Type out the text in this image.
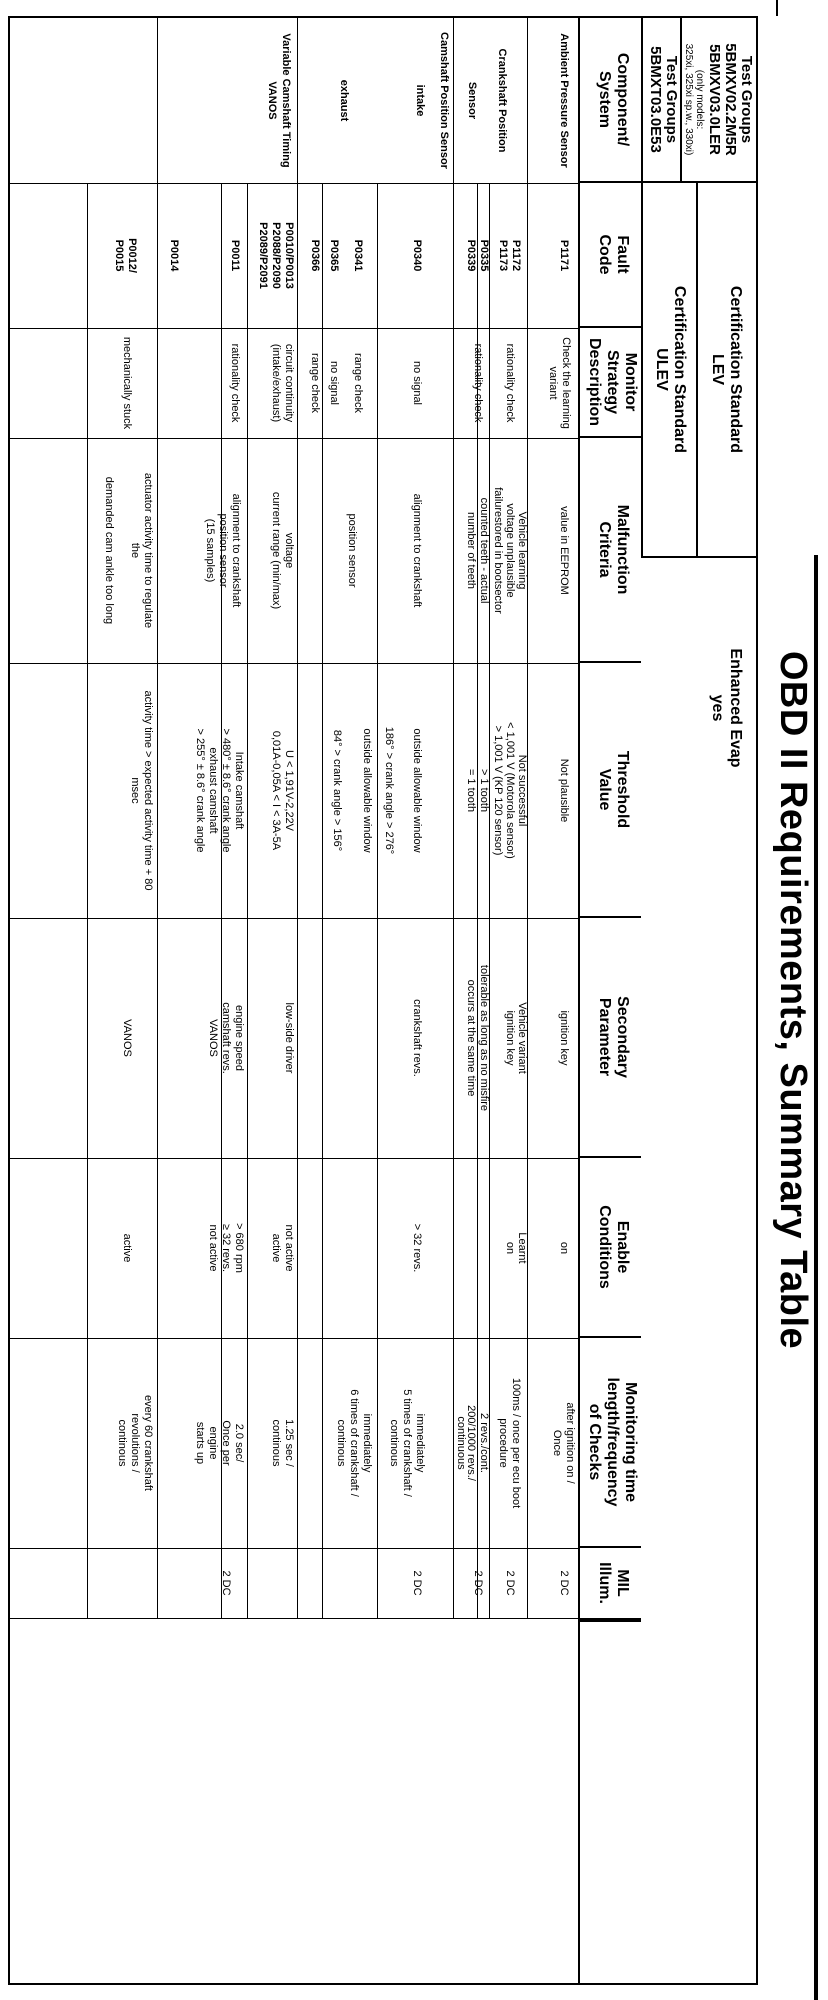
OBD II Requirements, Summary Table
Test Groups
5BMXV02.2M5R
5BMXV03.0LER
(only models:
325xi, 325xi sp.w., 330xi)
Test Groups
5BMXT03.0E53
Certification Standard
LEV
Certification Standard
ULEV
Enhanced Evap
yes
Component/
System
Fault
Code
Monitor
Strategy
Description
Malfunction
Criteria
Threshold
Value
Secondary
Parameter
Enable
Conditions
Monitoring time
length/frequency
of Checks
MIL
Illum.
Ambient Pressure Sensor
Crankshaft Position
Sensor
Camshaft Position Sensor
intake
exhaust
Variable Camshaft Timing
VANOS
P1171
P1172
P1173
P0335
P0339
P0340
P0341
P0365
P0366
P0010/P0013
P2088/P2090
P2089/P2091
P0011
P0014
P0012/
P0015
Check the learning
variant
rationality check
rationality check
no signal
range check
no signal
range check
circuit continuity
(intake/exhaust)
rationality check
mechanically stuck
value in EEPROM
Vehicle learning
voltage unplausible
failurestored in bootsector
counted teeth - actual
number of teeth
alignment to crankshaft
position sensor
voltage
current range (min/max)
alignment to crankshaft
position sensor
(15 samples)
actuator activity time to regulate
the
demanded cam ankle too long
Not plausible
Not successful
< 1,001 V (Motorola sensor)
> 1,001 V (KP 120 sensor)
> 1 tooth
= 1 tooth
outside allowable window
186° > crank angle > 276°
outside allowable window
84° > crank angle > 156°
U < 1,91V-2,22V
0,01A-0,05A < I < 3A-5A
Intake camshaft
> 480° ± 8.6° crank angle
exhaust camshaft
> 255° ± 8.6° crank angle
activity time > expected activity time + 80
msec
ignition key
Vehicle variant
ignition key
tolerable as long as no misfire
occurs at the same time
crankshaft revs.
low-side driver
engine speed
camshaft revs.
VANOS
VANOS
on
Learnt
on
> 32 revs.
not active
active
> 680 rpm
≥ 32 revs.
not active
active
after ignition on /
Once
100ms / once per ecu boot
procedure
2 revs./cont.
200/1000 revs./
continuous
immediately
5 times of crankshaft /
continous
immediately
6 times of crankshaft /
continous
1.25 sec /
continous
2.0 sec/
Once per
engine
starts up
every 60 crankshaft
revolutions /
continous
2 DC
2 DC
2 DC
2 DC
2 DC
